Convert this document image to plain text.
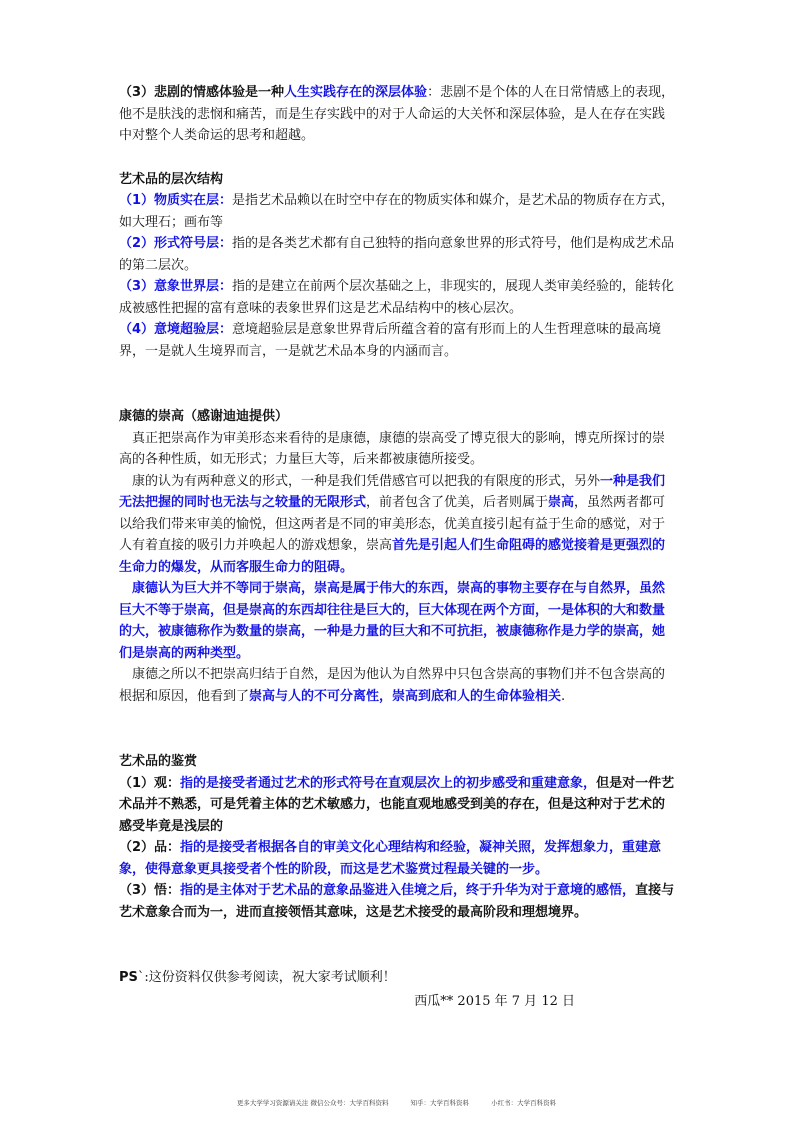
（3）悲剧的情感体验是一种人生实践存在的深层体验：悲剧不是个体的人在日常情感上的表现，他不是肤浅的悲悯和痛苦，而是生存实践中的对于人命运的大关怀和深层体验，是人在存在实践中对整个人类命运的思考和超越。

艺术品的层次结构

（1）物质实在层：是指艺术品赖以在时空中存在的物质实体和媒介，是艺术品的物质存在方式，如大理石；画布等

（2）形式符号层：指的是各类艺术都有自己独特的指向意象世界的形式符号，他们是构成艺术品的第二层次。

（3）意象世界层：指的是建立在前两个层次基础之上，非现实的，展现人类审美经验的，能转化成被感性把握的富有意味的表象世界们这是艺术品结构中的核心层次。

（4）意境超验层：意境超验层是意象世界背后所蕴含着的富有形而上的人生哲理意味的最高境界，一是就人生境界而言，一是就艺术品本身的内涵而言。

康德的崇高（感谢迪迪提供）

真正把崇高作为审美形态来看待的是康德，康德的崇高受了博克很大的影响，博克所探讨的崇高的各种性质，如无形式；力量巨大等，后来都被康德所接受。

康的认为有两种意义的形式，一种是我们凭借感官可以把我的有限度的形式，另外一种是我们无法把握的同时也无法与之较量的无限形式，前者包含了优美，后者则属于崇高，虽然两者都可以给我们带来审美的愉悦，但这两者是不同的审美形态，优美直接引起有益于生命的感觉，对于人有着直接的吸引力并唤起人的游戏想象，崇高首先是引起人们生命阻碍的感觉接着是更强烈的生命力的爆发，从而客服生命力的阻碍。

康德认为巨大并不等同于崇高，崇高是属于伟大的东西，崇高的事物主要存在与自然界，虽然巨大不等于崇高，但是崇高的东西却往往是巨大的，巨大体现在两个方面，一是体积的大和数量的大，被康德称作为数量的崇高，一种是力量的巨大和不可抗拒，被康德称作是力学的崇高，她们是崇高的两种类型。

康德之所以不把崇高归结于自然，是因为他认为自然界中只包含崇高的事物们并不包含崇高的根据和原因，他看到了崇高与人的不可分离性，崇高到底和人的生命体验相关.

艺术品的鉴赏

（1）观：指的是接受者通过艺术的形式符号在直观层次上的初步感受和重建意象，但是对一件艺术品并不熟悉，可是凭着主体的艺术敏感力，也能直观地感受到美的存在，但是这种对于艺术的感受毕竟是浅层的

（2）品：指的是接受者根据各自的审美文化心理结构和经验，凝神关照，发挥想象力，重建意象，使得意象更具接受者个性的阶段，而这是艺术鉴赏过程最关键的一步。

（3）悟：指的是主体对于艺术品的意象品鉴进入佳境之后，终于升华为对于意境的感悟，直接与艺术意象合而为一，进而直接领悟其意味，这是艺术接受的最高阶段和理想境界。

PS`:这份资料仅供参考阅读，祝大家考试顺利！

西瓜** 2015 年 7 月 12 日

更多大学学习资源请关注 微信公众号：大学百科资料	知乎：大学百科资料	小红书：大学百科资料
